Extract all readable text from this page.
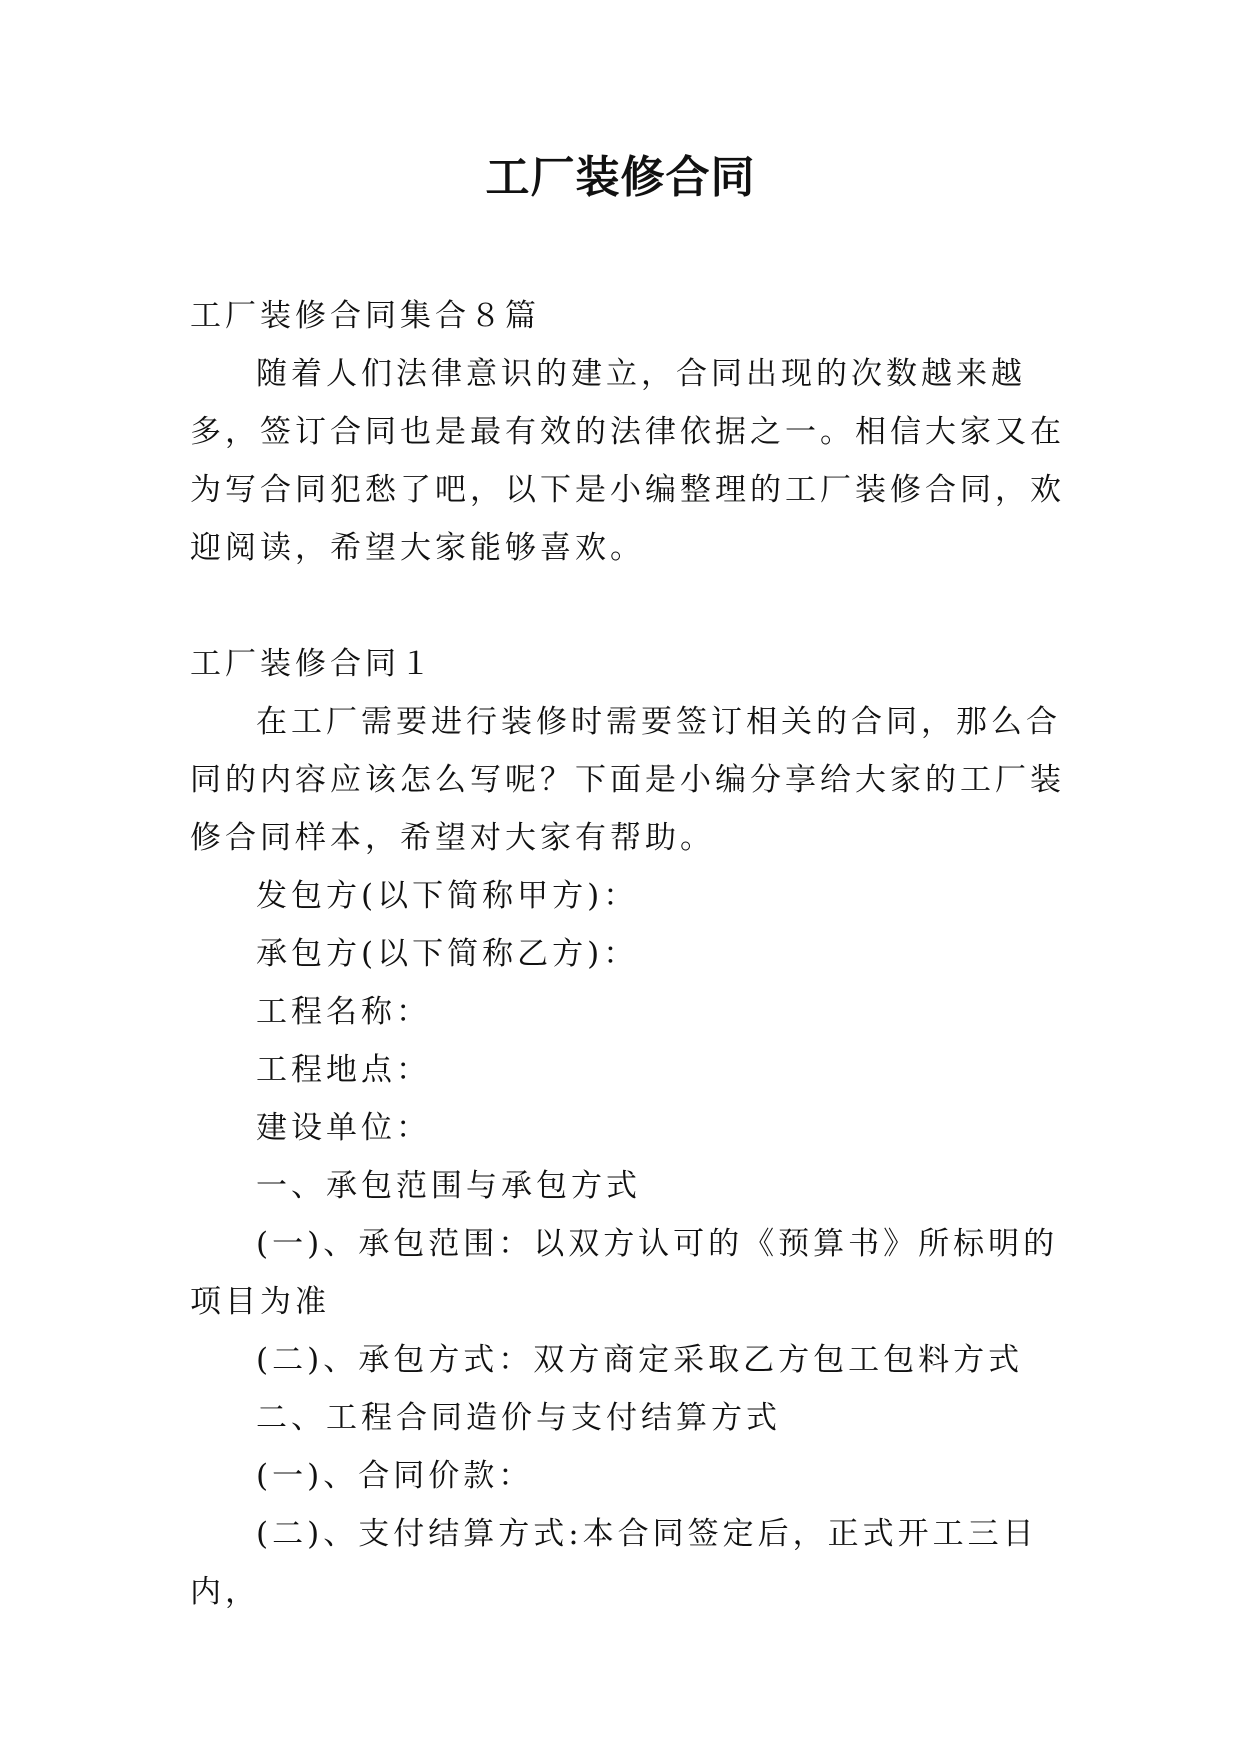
工厂装修合同

工厂装修合同集合８篇

随着人们法律意识的建立，合同出现的次数越来越多，签订合同也是最有效的法律依据之一。相信大家又在为写合同犯愁了吧，以下是小编整理的工厂装修合同，欢迎阅读，希望大家能够喜欢。

工厂装修合同１

在工厂需要进行装修时需要签订相关的合同，那么合同的内容应该怎么写呢？下面是小编分享给大家的工厂装修合同样本，希望对大家有帮助。

发包方(以下简称甲方)：

承包方(以下简称乙方)：

工程名称：

工程地点：

建设单位：

一、承包范围与承包方式

(一)、承包范围：以双方认可的《预算书》所标明的项目为准

(二)、承包方式：双方商定采取乙方包工包料方式

二、工程合同造价与支付结算方式

(一)、合同价款：

(二)、支付结算方式:本合同签定后，正式开工三日内，
